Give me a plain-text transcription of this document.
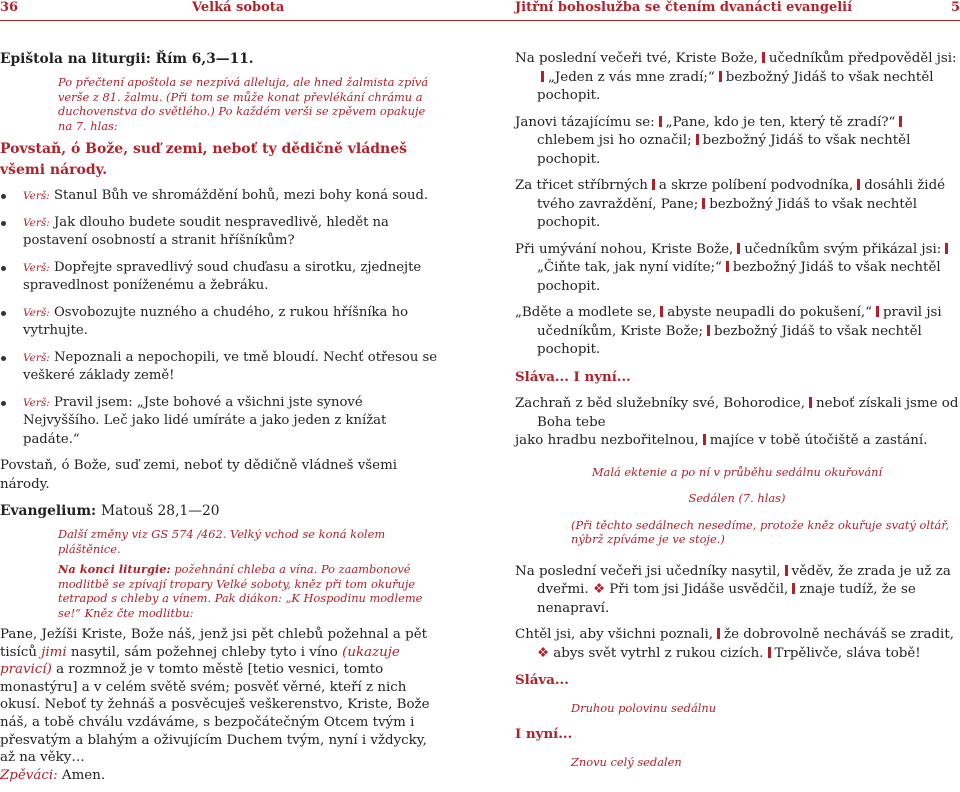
36	Velká sobota	Jitřní bohoslužba se čtením dvanácti evangelií	5
Epištola na liturgii: Řím 6,3—11.
Po přečtení apoštola se nezpívá alleluja, ale hned žalmista zpívá verše z 81. žalmu. (Při tom se může konat převlékání chrámu a duchovenstva do světlého.) Po každém verši se zpěvem opakuje na 7. hlas:
Povstaň, ó Bože, suď zemi, neboť ty dědičně vládneš všemi národy.
Verš: Stanul Bůh ve shromáždění bohů, mezi bohy koná soud.
Verš: Jak dlouho budete soudit nespravedlivě, hledět na postavení osobností a stranit hříšníkům?
Verš: Dopřejte spravedlivý soud chuďasu a sirotku, zjednejte spravedlnost poníženému a žebráku.
Verš: Osvobozujte nuzného a chudého, z rukou hříšníka ho vytrhujte.
Verš: Nepoznali a nepochopili, ve tmě bloudí. Nechť otřesou se veškeré základy země!
Verš: Pravil jsem: „Jste bohové a všichni jste synové Nejvyššího. Leč jako lidé umíráte a jako jeden z knížat padáte.“
Povstaň, ó Bože, suď zemi, neboť ty dědičně vládneš všemi národy.
Evangelium: Matouš 28,1—20
Další změny viz GS 574 /462. Velký vchod se koná kolem pláštěnice.
Na konci liturgie: požehnání chleba a vína. Po zaambonové modlitbě se zpívají tropary Velké soboty, kněz při tom okuřuje tetrapod s chleby a vínem. Pak diákon: „K Hospodinu modleme se!“ Kněz čte modlitbu:
Pane, Ježíši Kriste, Bože náš, jenž jsi pět chlebů požehnal a pět tisíců jimi nasytil, sám požehnej chleby tyto i víno (ukazuje pravicí) a rozmnož je v tomto městě [tetio vesnici, tomto monastýru] a v celém světě svém; posvěť věrné, kteří z nich okusí. Neboť ty žehnáš a posvěcuješ veškerenstvo, Kriste, Bože náš, a tobě chválu vzdáváme, s bezpočátečným Otcem tvým i přesvatým a blahým a oživujícím Duchem tvým, nyní i vždycky, až na věky…
Zpěváci: Amen.
Na poslední večeři tvé, Kriste Bože, učedníkům předpověděl jsi:„Jeden z vás mne zradí;“ bezbožný Jidáš to však nechtěl pochopit.
Janovi tázajícímu se: „Pane, kdo je ten, který tě zradí?“chlebem jsi ho označil; bezbožný Jidáš to však nechtěl pochopit.
Za třicet stříbrných a skrze políbení podvodníka, dosáhli židé tvého zavraždění, Pane; bezbožný Jidáš to však nechtěl pochopit.
Při umývání nohou, Kriste Bože, učedníkům svým přikázal jsi:„Čiňte tak, jak nyní vidíte;“ bezbožný Jidáš to však nechtěl pochopit.
„Bděte a modlete se, abyste neupadli do pokušení,“ pravil jsi učedníkům, Kriste Bože; bezbožný Jidáš to však nechtěl pochopit.
Sláva... I nyní...
Zachraň z běd služebníky své, Bohorodice, neboť získali jsme od Boha tebe
jako hradbu nezbořitelnou, majíce v tobě útočiště a zastání.
Malá ektenie a po ní v průběhu sedálnu okuřování
Sedálen (7. hlas)
(Při těchto sedálnech nesedíme, protože kněz okuřuje svatý oltář, nýbrž zpíváme je ve stoje.)
Na poslední večeři jsi učedníky nasytil, věděv, že zrada je už za dveřmi. ❖ Při tom jsi Jidáše usvědčil, znaje tudíž, že se nenapraví.
Chtěl jsi, aby všichni poznali, že dobrovolně necháváš se zradit, ❖ abys svět vytrhl z rukou cizích. Trpělivče, sláva tobě!
Sláva...
Druhou polovinu sedálnu
I nyní...
Znovu celý sedalen
